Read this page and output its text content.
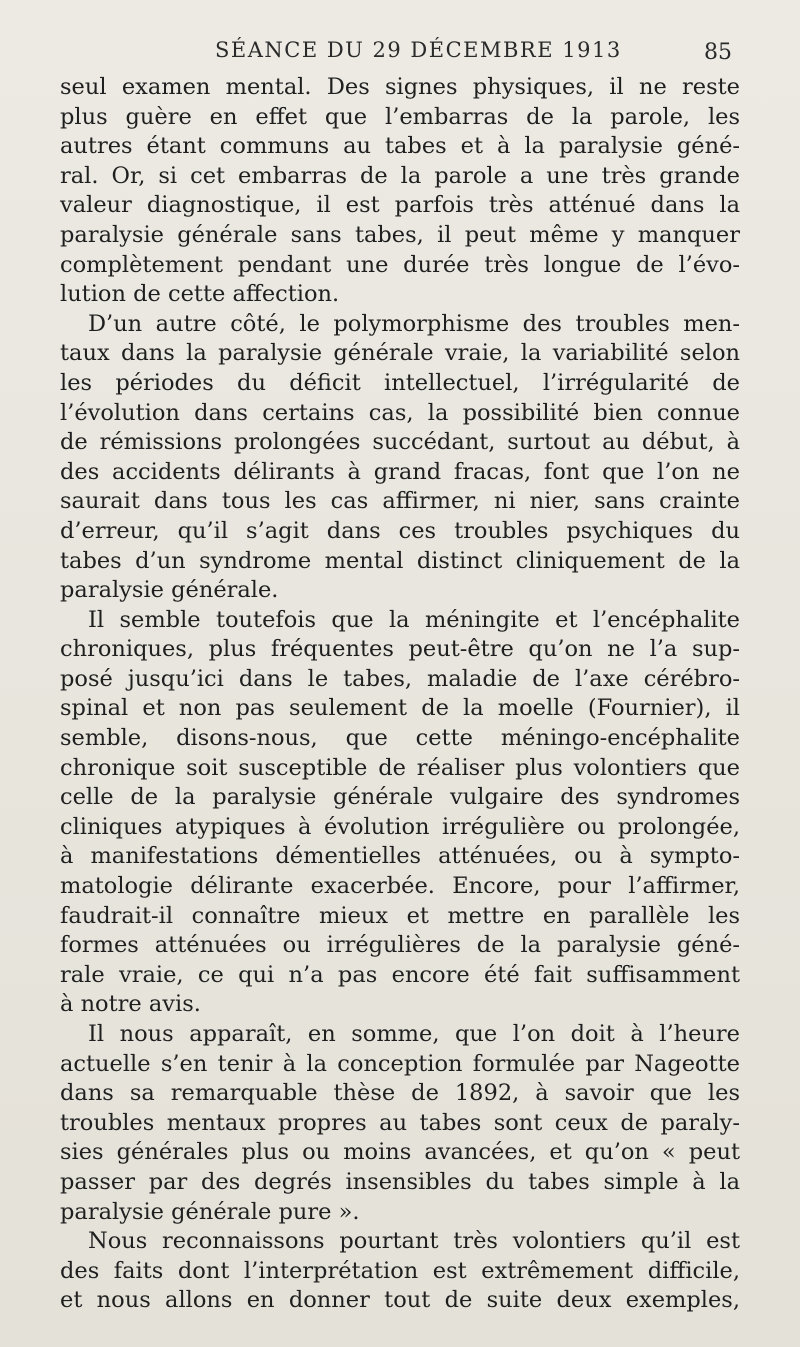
SÉANCE DU 29 DÉCEMBRE 1913	85
seul examen mental. Des signes physiques, il ne reste
plus guère en effet que l’embarras de la parole, les
autres étant communs au tabes et à la paralysie géné-
ral. Or, si cet embarras de la parole a une très grande
valeur diagnostique, il est parfois très atténué dans la
paralysie générale sans tabes, il peut même y manquer
complètement pendant une durée très longue de l’évo-
lution de cette affection.
D’un autre côté, le polymorphisme des troubles men-
taux dans la paralysie générale vraie, la variabilité selon
les périodes du déficit intellectuel, l’irrégularité de
l’évolution dans certains cas, la possibilité bien connue
de rémissions prolongées succédant, surtout au début, à
des accidents délirants à grand fracas, font que l’on ne
saurait dans tous les cas affirmer, ni nier, sans crainte
d’erreur, qu’il s’agit dans ces troubles psychiques du
tabes d’un syndrome mental distinct cliniquement de la
paralysie générale.
Il semble toutefois que la méningite et l’encéphalite
chroniques, plus fréquentes peut-être qu’on ne l’a sup-
posé jusqu’ici dans le tabes, maladie de l’axe cérébro-
spinal et non pas seulement de la moelle (Fournier), il
semble, disons-nous, que cette méningo-encéphalite
chronique soit susceptible de réaliser plus volontiers que
celle de la paralysie générale vulgaire des syndromes
cliniques atypiques à évolution irrégulière ou prolongée,
à manifestations démentielles atténuées, ou à sympto-
matologie délirante exacerbée. Encore, pour l’affirmer,
faudrait-il connaître mieux et mettre en parallèle les
formes atténuées ou irrégulières de la paralysie géné-
rale vraie, ce qui n’a pas encore été fait suffisamment
à notre avis.
Il nous apparaît, en somme, que l’on doit à l’heure
actuelle s’en tenir à la conception formulée par Nageotte
dans sa remarquable thèse de 1892, à savoir que les
troubles mentaux propres au tabes sont ceux de paraly-
sies générales plus ou moins avancées, et qu’on « peut
passer par des degrés insensibles du tabes simple à la
paralysie générale pure ».
Nous reconnaissons pourtant très volontiers qu’il est
des faits dont l’interprétation est extrêmement difficile,
et nous allons en donner tout de suite deux exemples,
